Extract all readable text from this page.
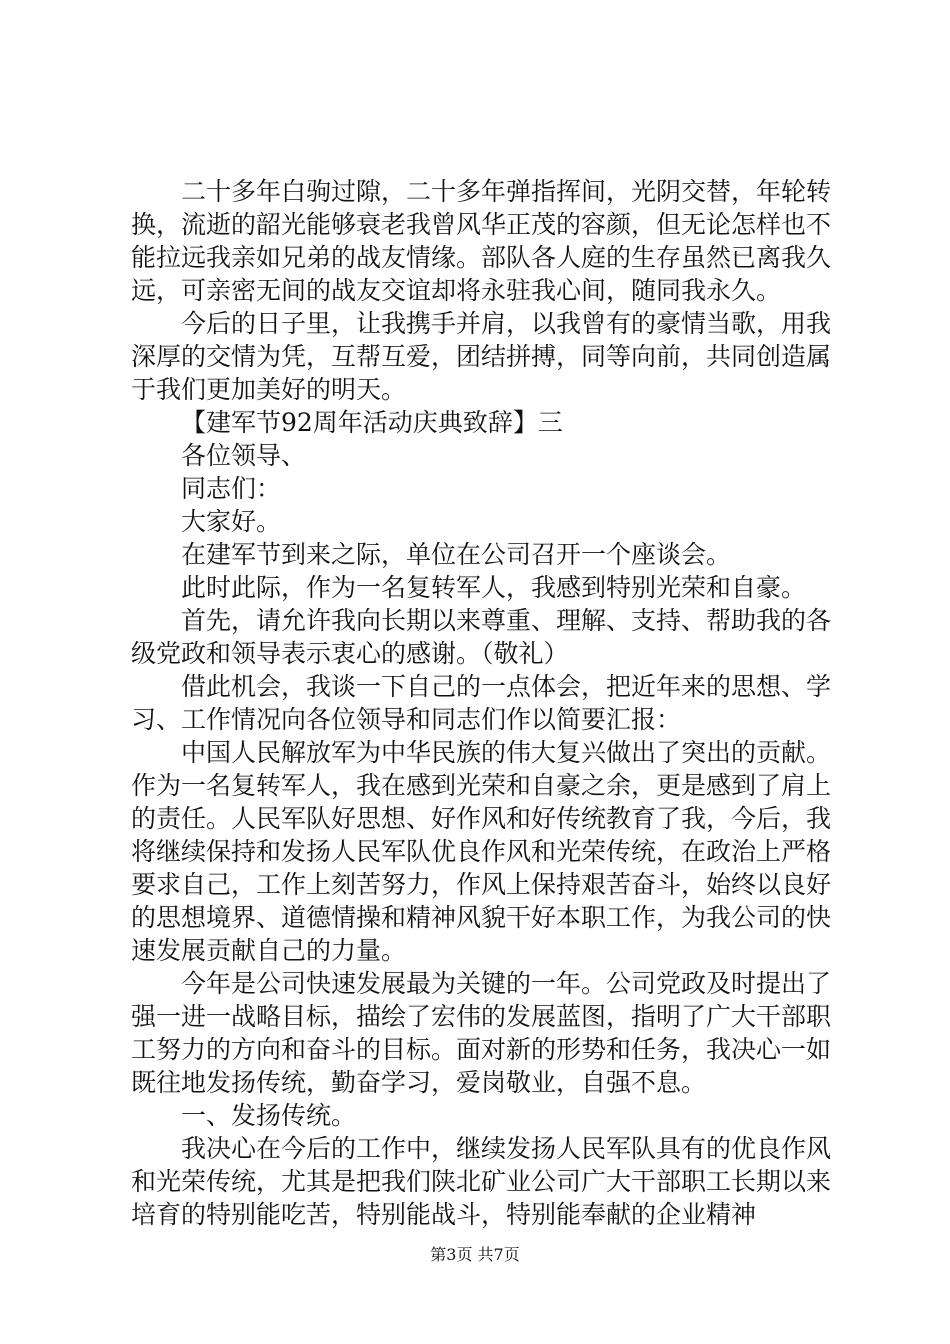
二十多年白驹过隙，二十多年弹指挥间，光阴交替，年轮转换，流逝的韶光能够衰老我曾风华正茂的容颜，但无论怎样也不能拉远我亲如兄弟的战友情缘。部队各人庭的生存虽然已离我久远，可亲密无间的战友交谊却将永驻我心间，随同我永久。

今后的日子里，让我携手并肩，以我曾有的豪情当歌，用我深厚的交情为凭，互帮互爱，团结拼搏，同等向前，共同创造属于我们更加美好的明天。

【建军节92周年活动庆典致辞】三

各位领导、

同志们：

大家好。

在建军节到来之际，单位在公司召开一个座谈会。

此时此际，作为一名复转军人，我感到特别光荣和自豪。

首先，请允许我向长期以来尊重、理解、支持、帮助我的各级党政和领导表示衷心的感谢。（敬礼）

借此机会，我谈一下自己的一点体会，把近年来的思想、学习、工作情况向各位领导和同志们作以简要汇报：

中国人民解放军为中华民族的伟大复兴做出了突出的贡献。作为一名复转军人，我在感到光荣和自豪之余，更是感到了肩上的责任。人民军队好思想、好作风和好传统教育了我，今后，我将继续保持和发扬人民军队优良作风和光荣传统，在政治上严格要求自己，工作上刻苦努力，作风上保持艰苦奋斗，始终以良好的思想境界、道德情操和精神风貌干好本职工作，为我公司的快速发展贡献自己的力量。

今年是公司快速发展最为关键的一年。公司党政及时提出了强一进一战略目标，描绘了宏伟的发展蓝图，指明了广大干部职工努力的方向和奋斗的目标。面对新的形势和任务，我决心一如既往地发扬传统，勤奋学习，爱岗敬业，自强不息。

一、发扬传统。

我决心在今后的工作中，继续发扬人民军队具有的优良作风和光荣传统，尤其是把我们陕北矿业公司广大干部职工长期以来培育的特别能吃苦，特别能战斗，特别能奉献的企业精神

第3页 共7页
